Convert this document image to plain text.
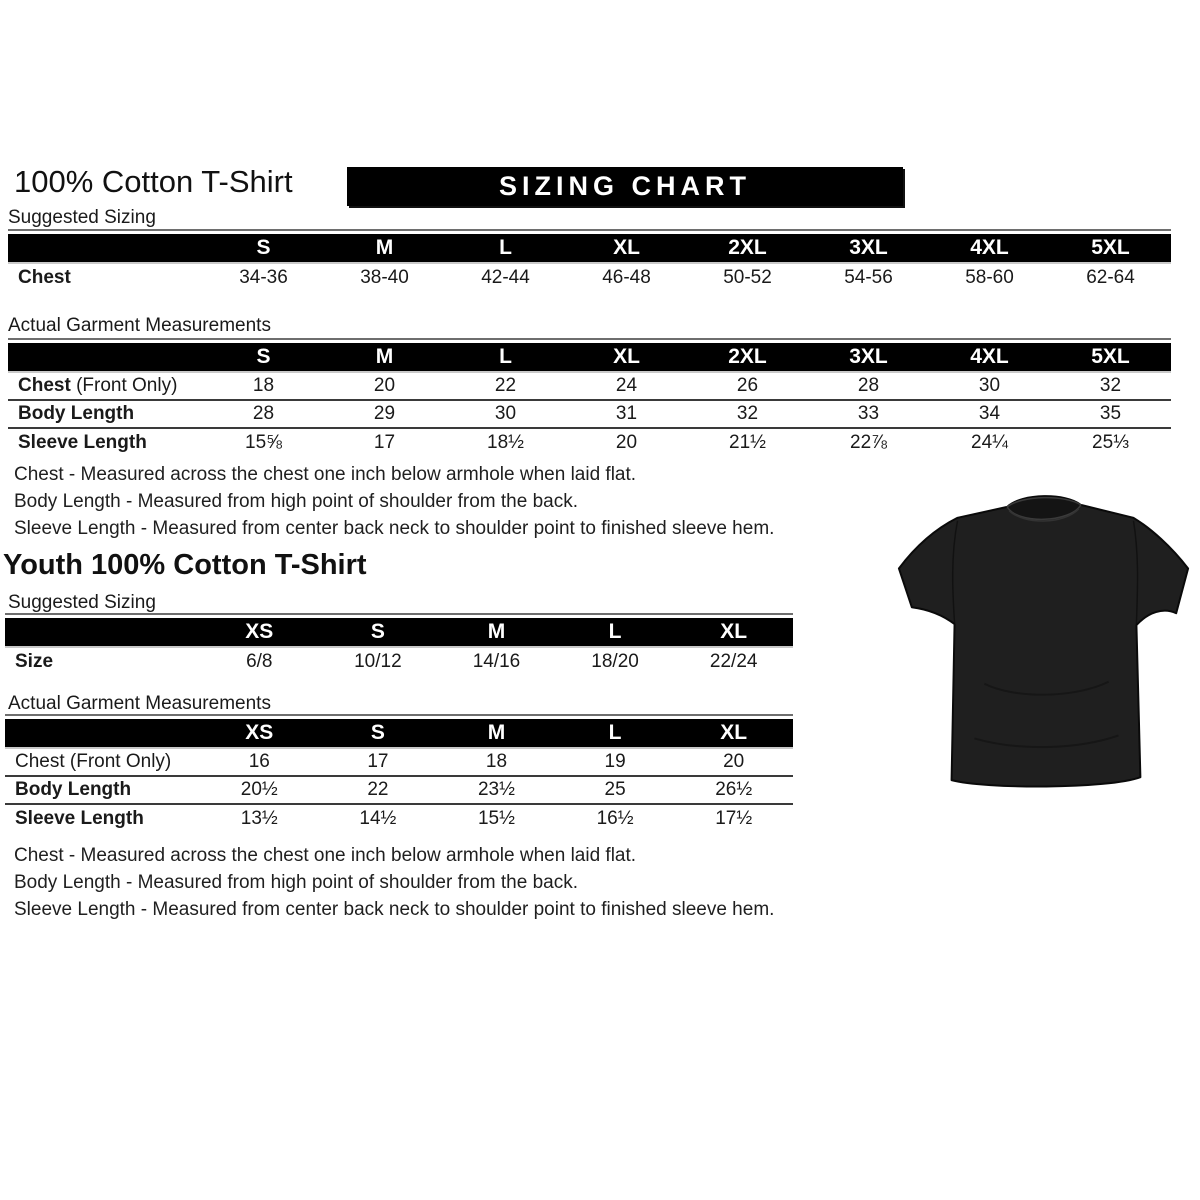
100% Cotton T-Shirt	SIZING CHART

Suggested Sizing

	S	M	L	XL	2XL	3XL	4XL	5XL
Chest	34-36	38-40	42-44	46-48	50-52	54-56	58-60	62-64

Actual Garment Measurements

	S	M	L	XL	2XL	3XL	4XL	5XL
Chest (Front Only)	18	20	22	24	26	28	30	32
Body Length	28	29	30	31	32	33	34	35
Sleeve Length	15⅝	17	18½	20	21½	22⅞	24¼	25⅓
Chest - Measured across the chest one inch below armhole when laid flat.
Body Length - Measured from high point of shoulder from the back.
Sleeve Length - Measured from center back neck to shoulder point to finished sleeve hem.
Youth 100% Cotton T-Shirt

Suggested Sizing

	XS	S	M	L	XL
Size	6/8	10/12	14/16	18/20	22/24

Actual Garment Measurements

	XS	S	M	L	XL
Chest (Front Only)	16	17	18	19	20
Body Length	20½	22	23½	25	26½
Sleeve Length	13½	14½	15½	16½	17½
Chest - Measured across the chest one inch below armhole when laid flat.
Body Length - Measured from high point of shoulder from the back.
Sleeve Length - Measured from center back neck to shoulder point to finished sleeve hem.
